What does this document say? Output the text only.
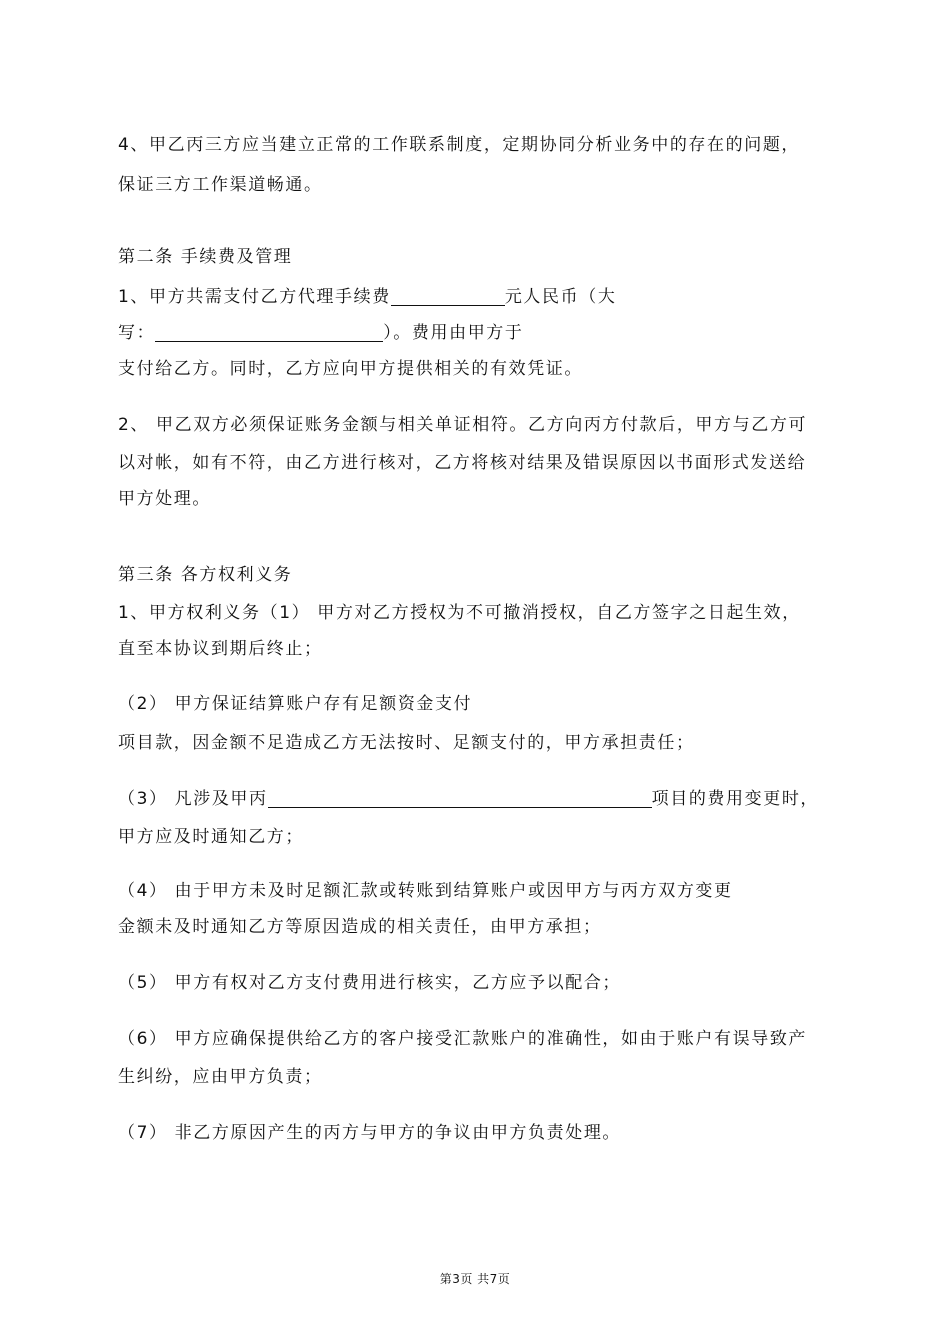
4、甲乙丙三方应当建立正常的工作联系制度，定期协同分析业务中的存在的问题，
保证三方工作渠道畅通。
第二条 手续费及管理
1、甲方共需支付乙方代理手续费	元人民币（大
写：	）。费用由甲方于
支付给乙方。同时，乙方应向甲方提供相关的有效凭证。
2、 甲乙双方必须保证账务金额与相关单证相符。乙方向丙方付款后，甲方与乙方可
以对帐，如有不符，由乙方进行核对，乙方将核对结果及错误原因以书面形式发送给
甲方处理。
第三条 各方权利义务
1、甲方权利义务（1） 甲方对乙方授权为不可撤消授权，自乙方签字之日起生效，
直至本协议到期后终止；
（2） 甲方保证结算账户存有足额资金支付
项目款，因金额不足造成乙方无法按时、足额支付的，甲方承担责任；
（3） 凡涉及甲丙	项目的费用变更时，
甲方应及时通知乙方；
（4） 由于甲方未及时足额汇款或转账到结算账户或因甲方与丙方双方变更
金额未及时通知乙方等原因造成的相关责任，由甲方承担；
（5） 甲方有权对乙方支付费用进行核实，乙方应予以配合；
（6） 甲方应确保提供给乙方的客户接受汇款账户的准确性，如由于账户有误导致产
生纠纷，应由甲方负责；
（7） 非乙方原因产生的丙方与甲方的争议由甲方负责处理。
第3页 共7页
